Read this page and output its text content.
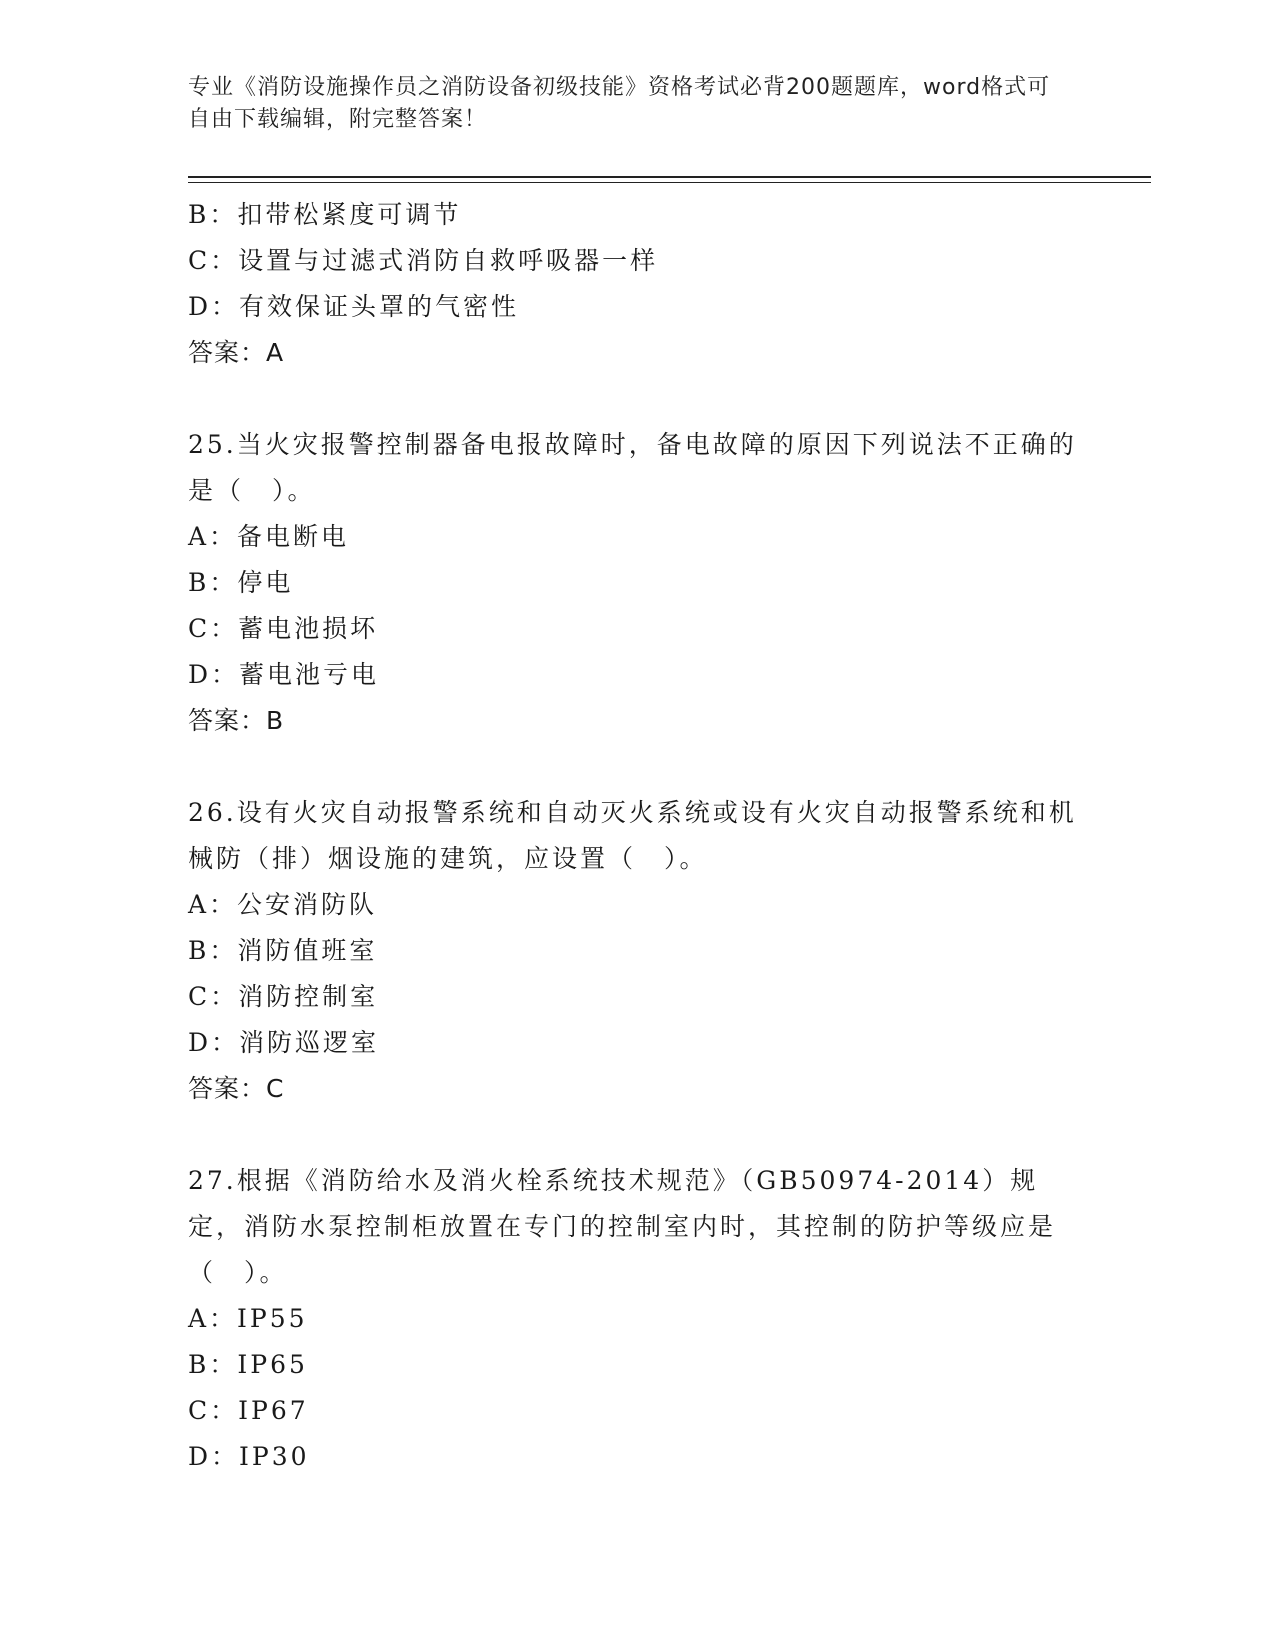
专业《消防设施操作员之消防设备初级技能》资格考试必背200题题库，word格式可自由下载编辑，附完整答案！
B：扣带松紧度可调节
C：设置与过滤式消防自救呼吸器一样
D：有效保证头罩的气密性
答案：A
25.当火灾报警控制器备电报故障时，备电故障的原因下列说法不正确的是（　）。
A：备电断电
B：停电
C：蓄电池损坏
D：蓄电池亏电
答案：B
26.设有火灾自动报警系统和自动灭火系统或设有火灾自动报警系统和机械防（排）烟设施的建筑，应设置（　）。
A：公安消防队
B：消防值班室
C：消防控制室
D：消防巡逻室
答案：C
27.根据《消防给水及消火栓系统技术规范》（GB50974-2014）规定，消防水泵控制柜放置在专门的控制室内时，其控制的防护等级应是（　）。
A：IP55
B：IP65
C：IP67
D：IP30
